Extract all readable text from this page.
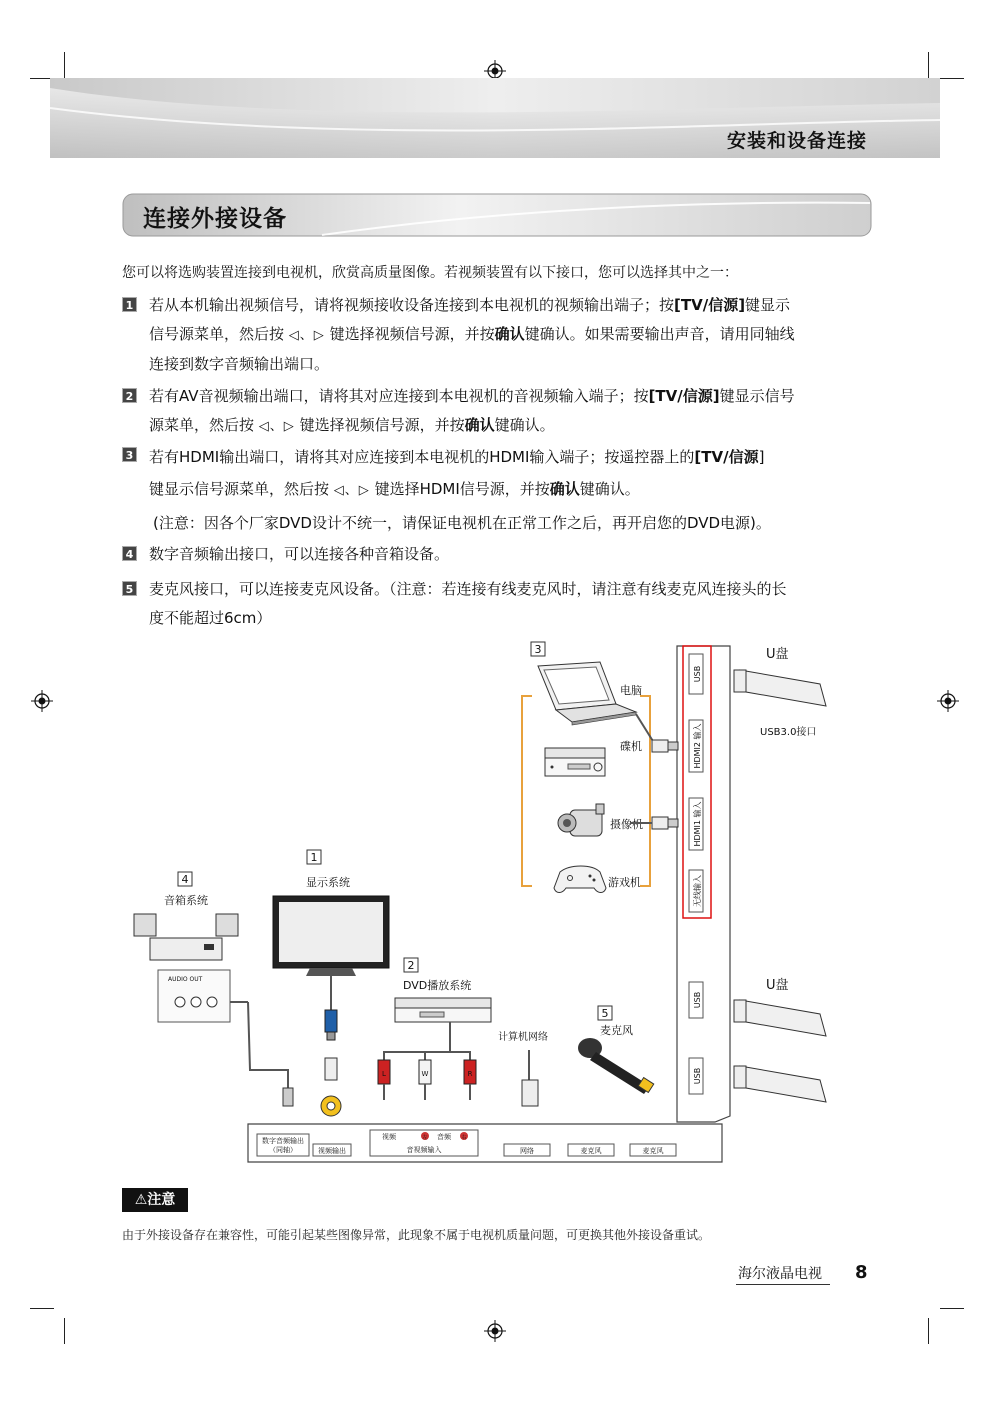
安装和设备连接
连接外接设备
您可以将选购装置连接到电视机，欣赏高质量图像。若视频装置有以下接口，您可以选择其中之一：
1 若从本机输出视频信号，请将视频接收设备连接到本电视机的视频输出端子；按[TV/信源]键显示
信号源菜单，然后按 ◁、▷ 键选择视频信号源，并按确认键确认。如果需要输出声音，请用同轴线
连接到数字音频输出端口。
2 若有AV音视频输出端口，请将其对应连接到本电视机的音视频输入端子；按[TV/信源]键显示信号
源菜单，然后按 ◁、▷ 键选择视频信号源，并按确认键确认。
3 若有HDMI输出端口，请将其对应连接到本电视机的HDMI输入端子；按遥控器上的[TV/信源]
键显示信号源菜单，然后按 ◁、▷ 键选择HDMI信号源，并按确认键确认。
(注意：因各个厂家DVD设计不统一，请保证电视机在正常工作之后，再开启您的DVD电源)。
4 数字音频输出接口，可以连接各种音箱设备。
5 麦克风接口，可以连接麦克风设备。（注意：若连接有线麦克风时，请注意有线麦克风连接头的长
度不能超过6cm）
3
1
4
2
5
电脑
碟机
摄像机
游戏机
显示系统
音箱系统
DVD播放系统
计算机网络
麦克风
U盘
USB3.0接口
U盘
USB
HDMI2 输入
HDMI1 输入
无线输入
USB
USB
AUDIO OUT
L	W	R
数字音频输出
（同轴）	视频输出
视频	左 音频 右
音视频输入	网络	麦克风	麦克风
⚠注意
由于外接设备存在兼容性，可能引起某些图像异常，此现象不属于电视机质量问题，可更换其他外接设备重试。
海尔液晶电视 8
